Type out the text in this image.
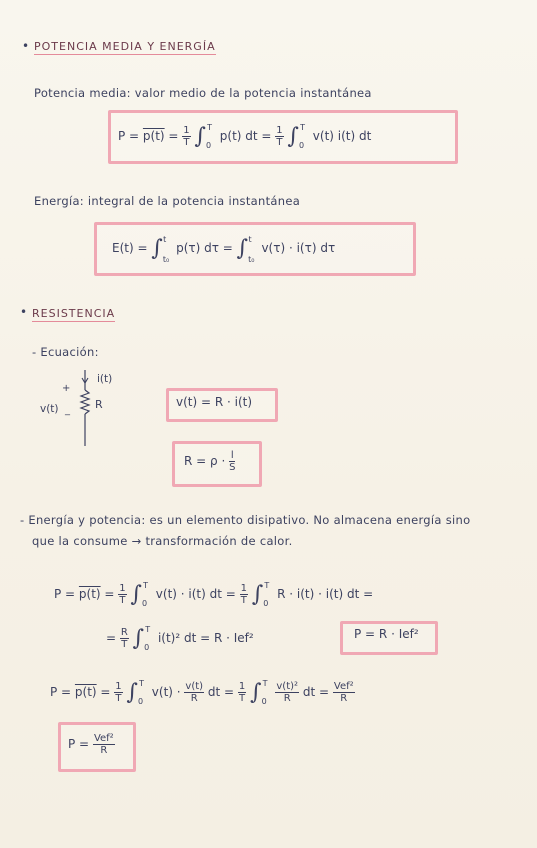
• POTENCIA MEDIA Y ENERGÍA
Potencia media: valor medio de la potencia instantánea
$P = p(t) = \frac{1}{T} \int_0^T$ p(t) dt = $\frac{1}{T} \int_0^T$ v(t) i(t) dt
Energía: integral de la potencia instantánea
$E(t) = \int_{t_0}^t$ p(τ) $d\tau = \int_{t_0}^t$ v(τ) · i(τ) dτ
• RESISTENCIA
- Ecuación:
+
v(t) _
i(t)
R	v(t) = R · i(t)
$R = \rho \cdot \frac{l}{S}$
- Energía y potencia: es un elemento disipativo. No almacena energía sino
que la consume → transformación de calor.
$P = p(t) = \frac{1}{T} \int_0^T$ v(t) · i(t) dt = $\frac{1}{T} \int_0^T$ R · i(t) · i(t) dt =
= $\frac{R}{T} \int_0^T$ i(t)² dt = R · Ief²	P = R · Ief²
$P = p(t) = \frac{1}{T} \int_0^T$ $v(t) \cdot \frac{v(t)}{R}$ dt = $\frac{1}{T} \int_0^T \frac{\text{v(t)²}}{R}$ dt = $\frac{\text{Vef²}}{R}$
$P = \frac{\text{Vef²}}{R}$
